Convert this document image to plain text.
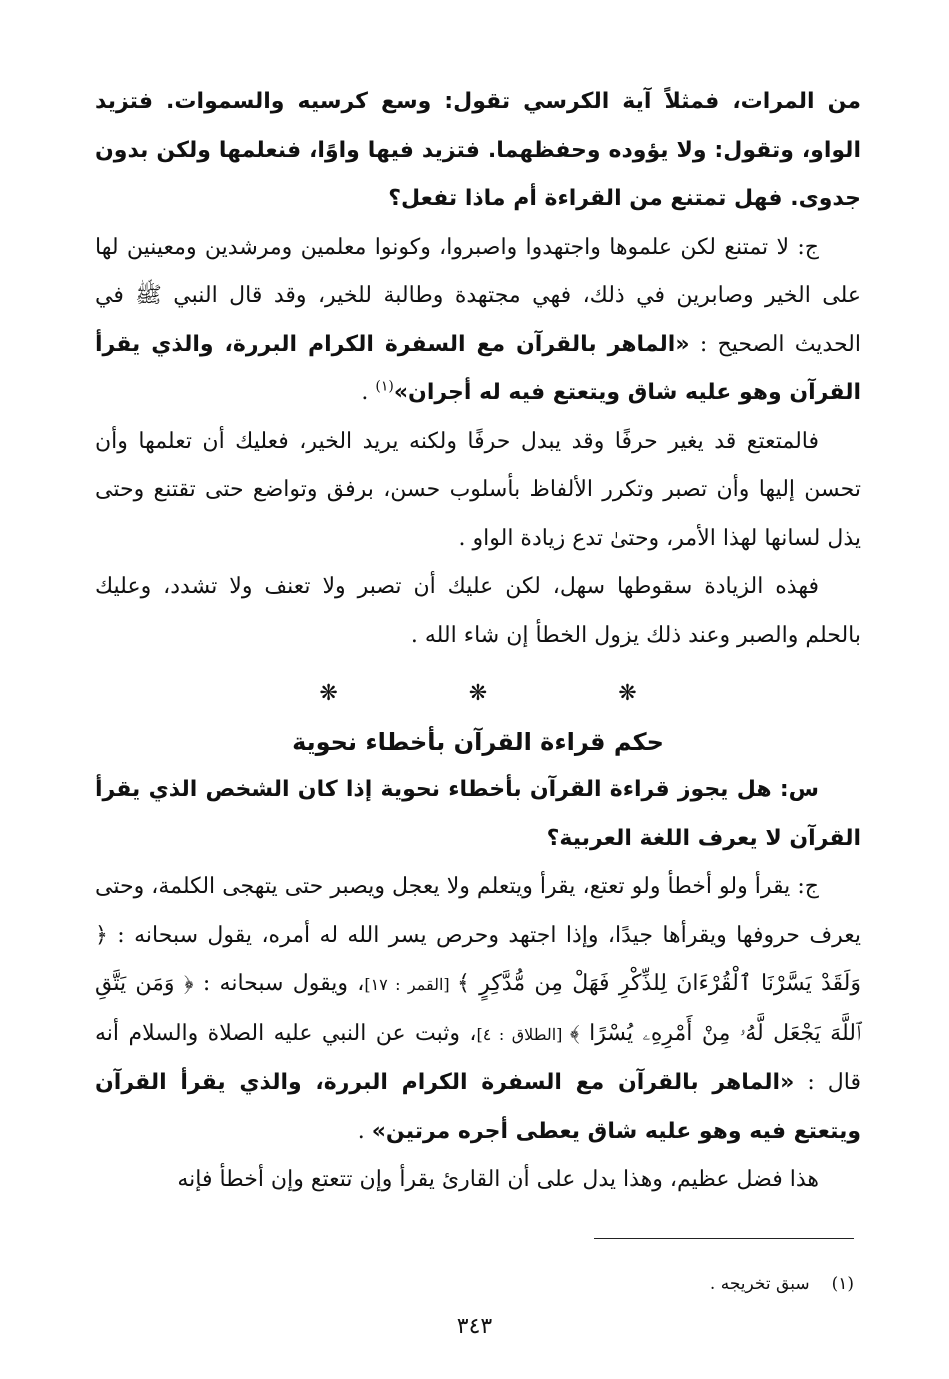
من المرات، فمثلاً آية الكرسي تقول: وسع كرسيه والسموات. فتزيد الواو، وتقول: ولا يؤوده وحفظهما. فتزيد فيها واوًا، فنعلمها ولكن بدون جدوى. فهل تمتنع من القراءة أم ماذا تفعل؟

ج: لا تمتنع لكن علموها واجتهدوا واصبروا، وكونوا معلمين ومرشدين ومعينين لها على الخير وصابرين في ذلك، فهي مجتهدة وطالبة للخير، وقد قال النبي ﷺ في الحديث الصحيح : «الماهر بالقرآن مع السفرة الكرام البررة، والذي يقرأ القرآن وهو عليه شاق ويتعتع فيه له أجران»$^{(١)}$ .

فالمتعتع قد يغير حرفًا وقد يبدل حرفًا ولكنه يريد الخير، فعليك أن تعلمها وأن تحسن إليها وأن تصبر وتكرر الألفاظ بأسلوب حسن، برفق وتواضع حتى تقتنع وحتى يذل لسانها لهذا الأمر، وحتىٰ تدع زيادة الواو .

فهذه الزيادة سقوطها سهل، لكن عليك أن تصبر ولا تعنف ولا تشدد، وعليك بالحلم والصبر وعند ذلك يزول الخطأ إن شاء الله .

❋ ❋ ❋
حكم قراءة القرآن بأخطاء نحوية

س: هل يجوز قراءة القرآن بأخطاء نحوية إذا كان الشخص الذي يقرأ القرآن لا يعرف اللغة العربية؟

ج: يقرأ ولو أخطأ ولو تعتع، يقرأ ويتعلم ولا يعجل ويصبر حتى يتهجى الكلمة، وحتى يعرف حروفها ويقرأها جيدًا، وإذا اجتهد وحرص يسر الله له أمره، يقول سبحانه : ﴿ وَلَقَدْ يَسَّرْنَا ٱلْقُرْءَانَ لِلذِّكْرِ فَهَلْ مِن مُّدَّكِرٍ ﴾ [القمر : ١٧]، ويقول سبحانه : ﴿ وَمَن يَتَّقِ ٱللَّهَ يَجْعَل لَّهُۥ مِنْ أَمْرِهِۦ يُسْرًا ﴾ [الطلاق : ٤]، وثبت عن النبي عليه الصلاة والسلام أنه قال : «الماهر بالقرآن مع السفرة الكرام البررة، والذي يقرأ القرآن ويتعتع فيه وهو عليه شاق يعطى أجره مرتين» .

هذا فضل عظيم، وهذا يدل على أن القارئ يقرأ وإن تتعتع وإن أخطأ فإنه

(١)سبق تخريجه .
٣٤٣
